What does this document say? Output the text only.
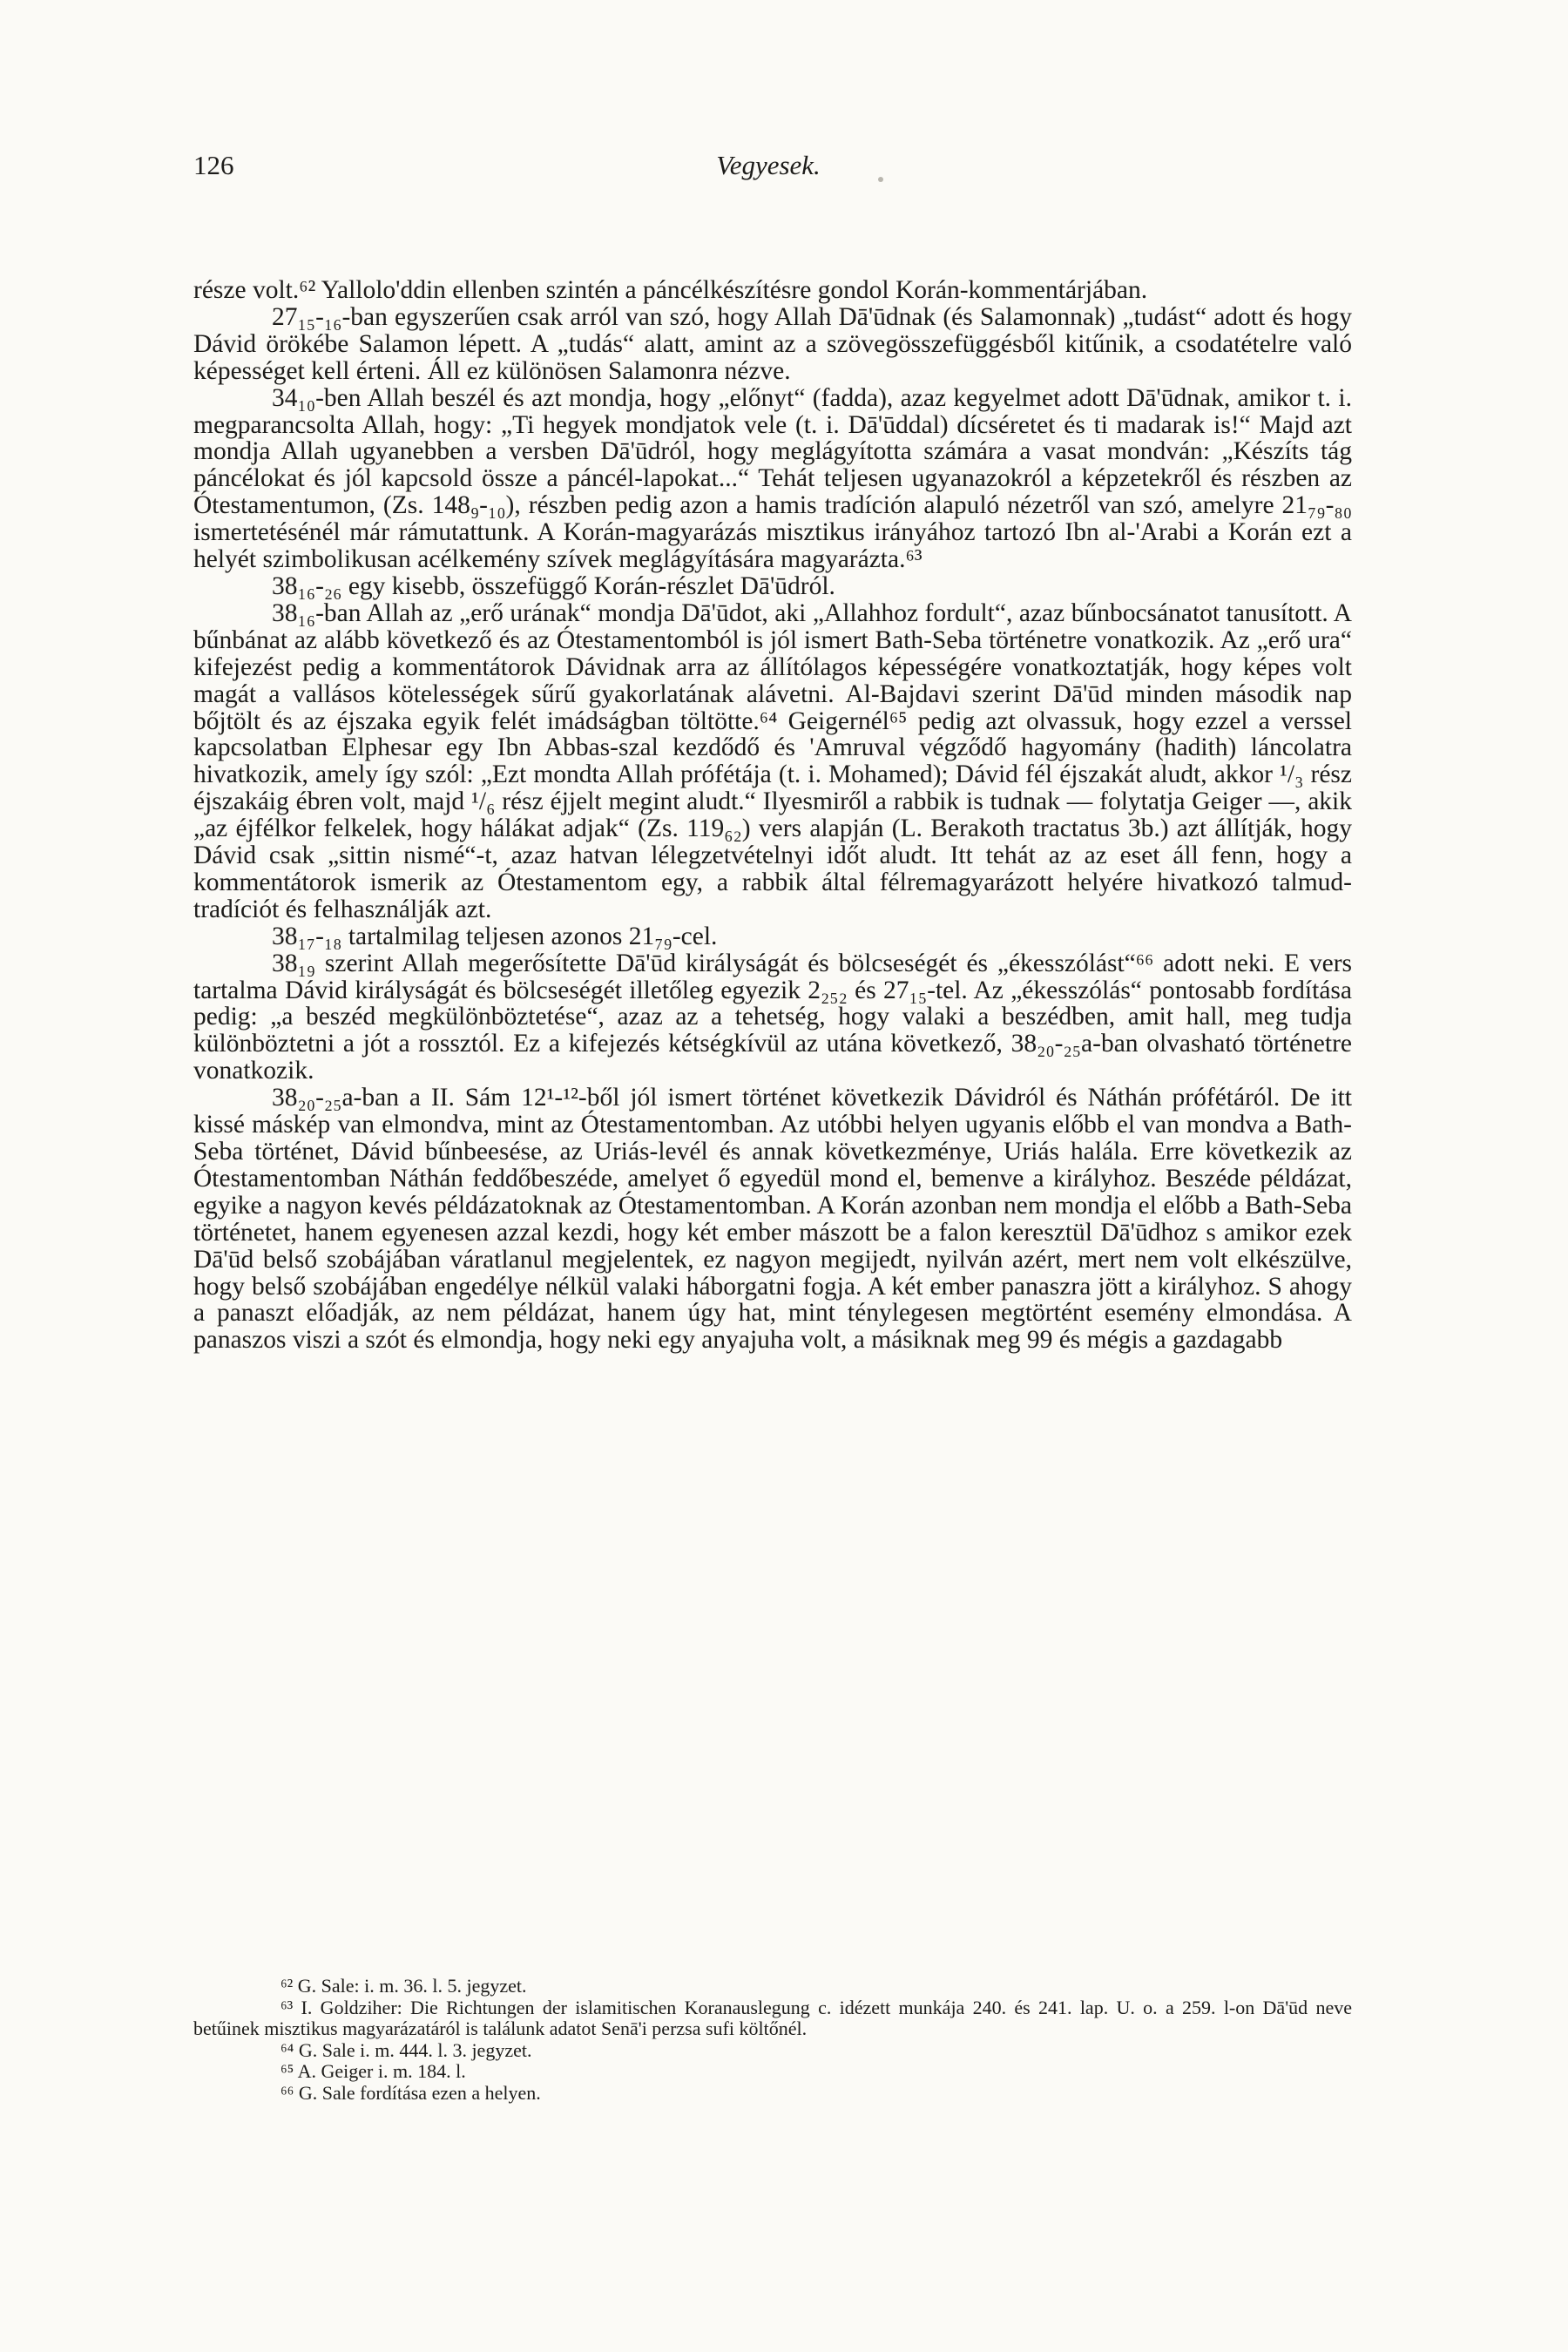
126	Vegyesek.

része volt.⁶² Yallolo'ddin ellenben szintén a páncélkészítésre gondol Korán-kommentárjában.

27₁₅-₁₆-ban egyszerűen csak arról van szó, hogy Allah Dā'ūdnak (és Salamonnak) „tudást“ adott és hogy Dávid örökébe Salamon lépett. A „tudás“ alatt, amint az a szövegösszefüggésből kitűnik, a csodatételre való képességet kell érteni. Áll ez különösen Salamonra nézve.

34₁₀-ben Allah beszél és azt mondja, hogy „előnyt“ (fadda), azaz kegyelmet adott Dā'ūdnak, amikor t. i. megparancsolta Allah, hogy: „Ti hegyek mondjatok vele (t. i. Dā'ūddal) dícséretet és ti madarak is!“ Majd azt mondja Allah ugyanebben a versben Dā'ūdról, hogy meglágyította számára a vasat mondván: „Készíts tág páncélokat és jól kapcsold össze a páncél-lapokat...“ Tehát teljesen ugyanazokról a képzetekről és részben az Ótestamentumon, (Zs. 148₉-₁₀), részben pedig azon a hamis tradíción alapuló nézetről van szó, amelyre 21₇₉-₈₀ ismertetésénél már rámutattunk. A Korán-magyarázás misztikus irányához tartozó Ibn al-'Arabi a Korán ezt a helyét szimbolikusan acélkemény szívek meglágyítására magyarázta.⁶³

38₁₆-₂₆ egy kisebb, összefüggő Korán-részlet Dā'ūdról.

38₁₆-ban Allah az „erő urának“ mondja Dā'ūdot, aki „Allahhoz fordult“, azaz bűnbocsánatot tanusított. A bűnbánat az alább következő és az Ótestamentomból is jól ismert Bath-Seba történetre vonatkozik. Az „erő ura“ kifejezést pedig a kommentátorok Dávidnak arra az állítólagos képességére vonatkoztatják, hogy képes volt magát a vallásos kötelességek sűrű gyakorlatának alávetni. Al-Bajdavi szerint Dā'ūd minden második nap bőjtölt és az éjszaka egyik felét imádságban töltötte.⁶⁴ Geigernél⁶⁵ pedig azt olvassuk, hogy ezzel a verssel kapcsolatban Elphesar egy Ibn Abbas-szal kezdődő és 'Amruval végződő hagyomány (hadith) láncolatra hivatkozik, amely így szól: „Ezt mondta Allah prófétája (t. i. Mohamed); Dávid fél éjszakát aludt, akkor ¹/₃ rész éjszakáig ébren volt, majd ¹/₆ rész éjjelt megint aludt.“ Ilyesmiről a rabbik is tudnak — folytatja Geiger —, akik „az éjfélkor felkelek, hogy hálákat adjak“ (Zs. 119₆₂) vers alapján (L. Berakoth tractatus 3b.) azt állítják, hogy Dávid csak „sittin nismé“-t, azaz hatvan lélegzetvételnyi időt aludt. Itt tehát az az eset áll fenn, hogy a kommentátorok ismerik az Ótestamentom egy, a rabbik által félremagyarázott helyére hivatkozó talmud-tradíciót és felhasználják azt.

38₁₇-₁₈ tartalmilag teljesen azonos 21₇₉-cel.

38₁₉ szerint Allah megerősítette Dā'ūd királyságát és bölcseségét és „ékesszólást“⁶⁶ adott neki. E vers tartalma Dávid királyságát és bölcseségét illetőleg egyezik 2₂₅₂ és 27₁₅-tel. Az „ékesszólás“ pontosabb fordítása pedig: „a beszéd megkülönböztetése“, azaz az a tehetség, hogy valaki a beszédben, amit hall, meg tudja különböztetni a jót a rossztól. Ez a kifejezés kétségkívül az utána következő, 38₂₀-₂₅a-ban olvasható történetre vonatkozik.

38₂₀-₂₅a-ban a II. Sám 12¹-¹²-ből jól ismert történet következik Dávidról és Náthán prófétáról. De itt kissé máskép van elmondva, mint az Ótestamentomban. Az utóbbi helyen ugyanis előbb el van mondva a Bath-Seba történet, Dávid bűnbeesése, az Uriás-levél és annak következménye, Uriás halála. Erre következik az Ótestamentomban Náthán feddőbeszéde, amelyet ő egyedül mond el, bemenve a királyhoz. Beszéde példázat, egyike a nagyon kevés példázatoknak az Ótestamentomban. A Korán azonban nem mondja el előbb a Bath-Seba történetet, hanem egyenesen azzal kezdi, hogy két ember mászott be a falon keresztül Dā'ūdhoz s amikor ezek Dā'ūd belső szobájában váratlanul megjelentek, ez nagyon megijedt, nyilván azért, mert nem volt elkészülve, hogy belső szobájában engedélye nélkül valaki háborgatni fogja. A két ember panaszra jött a királyhoz. S ahogy a panaszt előadják, az nem példázat, hanem úgy hat, mint ténylegesen megtörtént esemény elmondása. A panaszos viszi a szót és elmondja, hogy neki egy anyajuha volt, a másiknak meg 99 és mégis a gazdagabb

⁶² G. Sale: i. m. 36. l. 5. jegyzet.

⁶³ I. Goldziher: Die Richtungen der islamitischen Koranauslegung c. idézett munkája 240. és 241. lap. U. o. a 259. l-on Dā'ūd neve betűinek misztikus magyarázatáról is találunk adatot Senā'i perzsa sufi költőnél.

⁶⁴ G. Sale i. m. 444. l. 3. jegyzet.

⁶⁵ A. Geiger i. m. 184. l.

⁶⁶ G. Sale fordítása ezen a helyen.
